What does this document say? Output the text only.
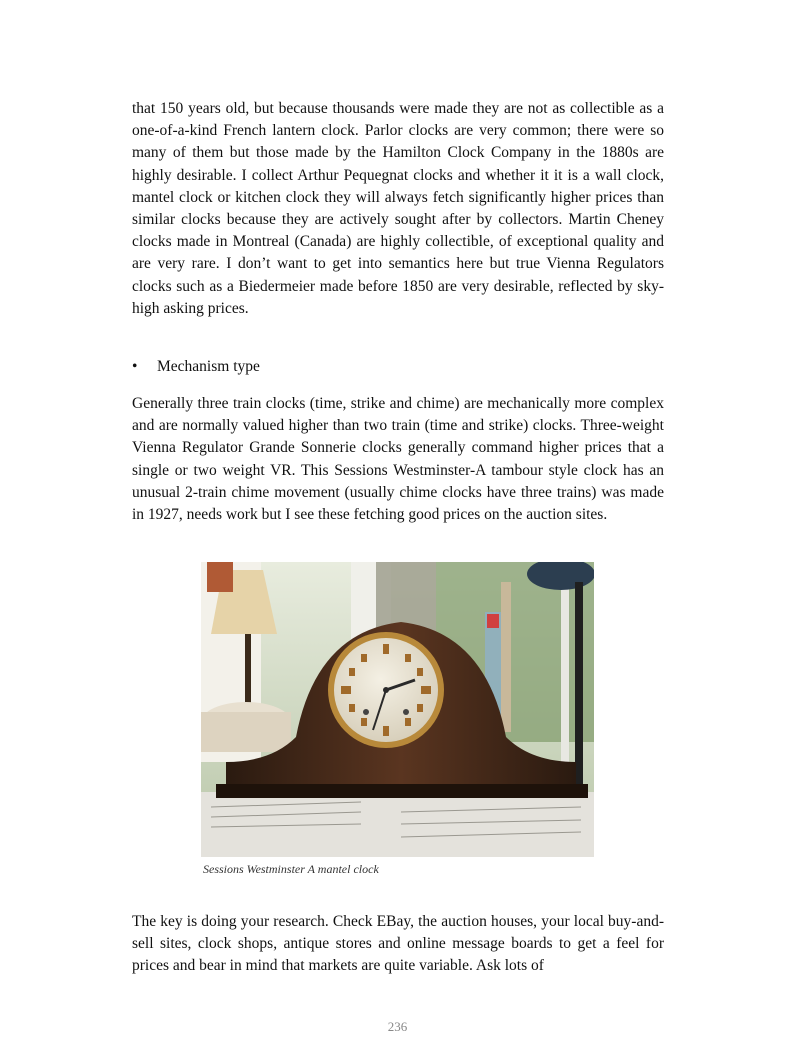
that 150 years old, but because thousands were made they are not as collectible as a one-of-a-kind French lantern clock. Parlor clocks are very common; there were so many of them but those made by the Hamilton Clock Company in the 1880s are highly desirable. I collect Arthur Pequegnat clocks and whether it it is a wall clock, mantel clock or kitchen clock they will always fetch significantly higher prices than similar clocks because they are actively sought after by collectors. Martin Cheney clocks made in Montreal (Canada) are highly collectible, of exceptional quality and are very rare. I don’t want to get into semantics here but true Vienna Regulators clocks such as a Biedermeier made before 1850 are very desirable, reflected by sky-high asking prices.

• Mechanism type

Generally three train clocks (time, strike and chime) are mechanically more complex and are normally valued higher than two train (time and strike) clocks. Three-weight Vienna Regulator Grande Sonnerie clocks generally command higher prices that a single or two weight VR. This Sessions Westminster-A tambour style clock has an unusual 2-train chime movement (usually chime clocks have three trains) was made in 1927, needs work but I see these fetching good prices on the auction sites.

Sessions Westminster A mantel clock

The key is doing your research. Check EBay, the auction houses, your local buy-and-sell sites, clock shops, antique stores and online message boards to get a feel for prices and bear in mind that markets are quite variable. Ask lots of

236
